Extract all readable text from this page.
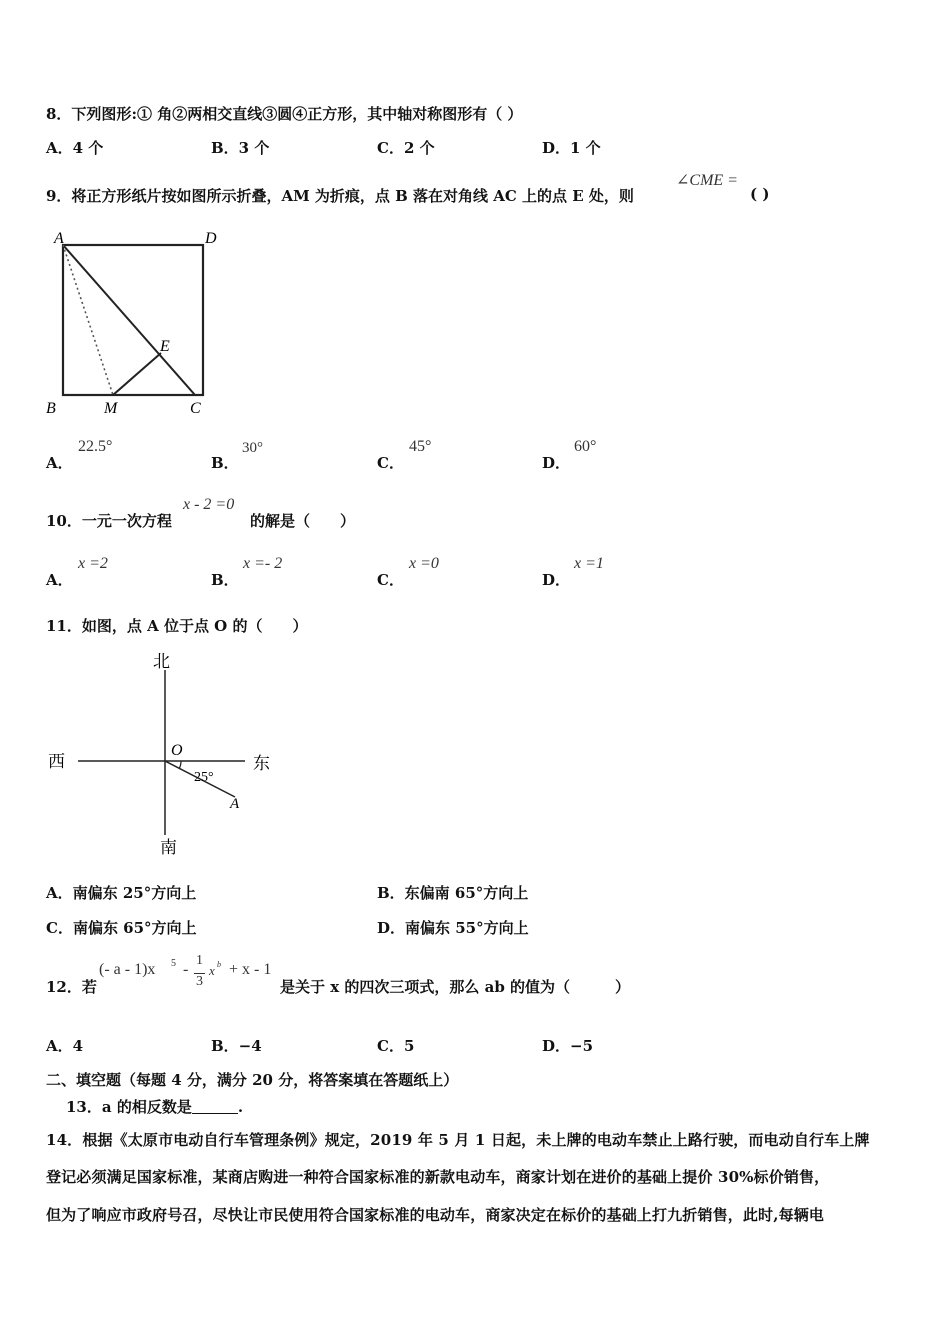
8．下列图形:① 角②两相交直线③圆④正方形，其中轴对称图形有（ ）
A．4 个	B．3 个	C．2 个	D．1 个
9．将正方形纸片按如图所示折叠，AM 为折痕，点 B 落在对角线 AC 上的点 E 处，则
∠CME =
( )
A	D
E
B	M	C
A．
22.5°
B．
30°
C．
45°
D．
60°
10．一元一次方程
x - 2 =0
的解是（　　）
A．
x =2
B．
x =- 2
C．
x =0
D．
x =1
11．如图，点 A 位于点 O 的（　　）
北
南
西	东
O
A
25°
A．南偏东 25°方向上	B．东偏南 65°方向上
C．南偏东 65°方向上	D．南偏东 55°方向上
12．若
(- a - 1)x 5 -
1
3
x b + x - 1
是关于 x 的四次三项式，那么 ab 的值为（　　　）
A．4	B．−4	C．5	D．−5
二、填空题（每题 4 分，满分 20 分，将答案填在答题纸上）
13．a 的相反数是	.
14．根据《太原市电动自行车管理条例》规定，2019 年 5 月 1 日起，未上牌的电动车禁止上路行驶，而电动自行车上牌
登记必须满足国家标准，某商店购进一种符合国家标准的新款电动车，商家计划在进价的基础上提价 30%标价销售，
但为了响应市政府号召，尽快让市民使用符合国家标准的电动车，商家决定在标价的基础上打九折销售，此时,每辆电
